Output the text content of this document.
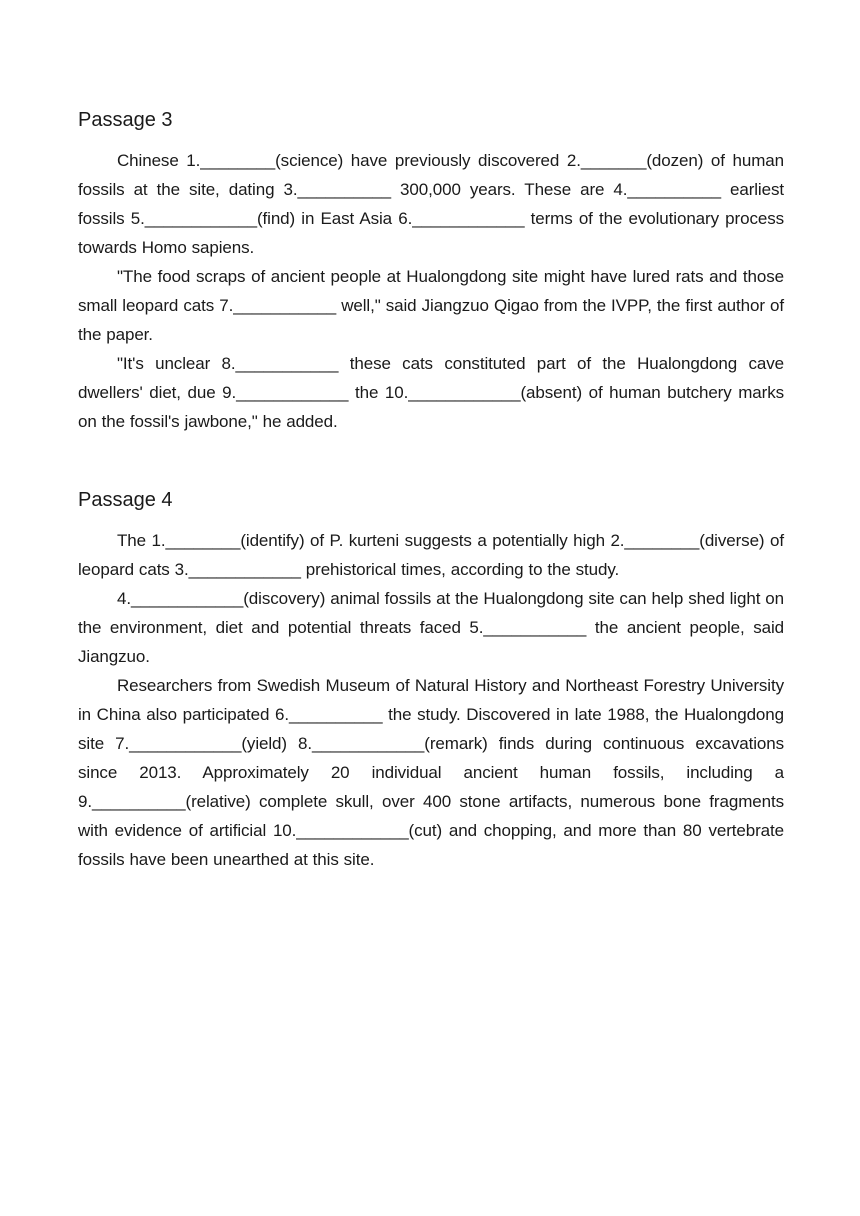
Passage 3

Chinese 1.________(science) have previously discovered 2._______(dozen) of human fossils at the site, dating 3.__________ 300,000 years. These are 4.__________ earliest fossils 5.____________(find) in East Asia 6.____________ terms of the evolutionary process towards Homo sapiens.

"The food scraps of ancient people at Hualongdong site might have lured rats and those small leopard cats 7.___________ well," said Jiangzuo Qigao from the IVPP, the first author of the paper.

"It's unclear 8.___________ these cats constituted part of the Hualongdong cave dwellers' diet, due 9.____________ the 10.____________(absent) of human butchery marks on the fossil's jawbone," he added.

Passage 4

The 1.________(identify) of P. kurteni suggests a potentially high 2.________(diverse) of leopard cats 3.____________ prehistorical times, according to the study.

4.____________(discovery) animal fossils at the Hualongdong site can help shed light on the environment, diet and potential threats faced 5.___________ the ancient people, said Jiangzuo.

Researchers from Swedish Museum of Natural History and Northeast Forestry University in China also participated 6.__________ the study. Discovered in late 1988, the Hualongdong site 7.____________(yield) 8.____________(remark) finds during continuous excavations since 2013. Approximately 20 individual ancient human fossils, including a 9.__________(relative) complete skull, over 400 stone artifacts, numerous bone fragments with evidence of artificial 10.____________(cut) and chopping, and more than 80 vertebrate fossils have been unearthed at this site.
